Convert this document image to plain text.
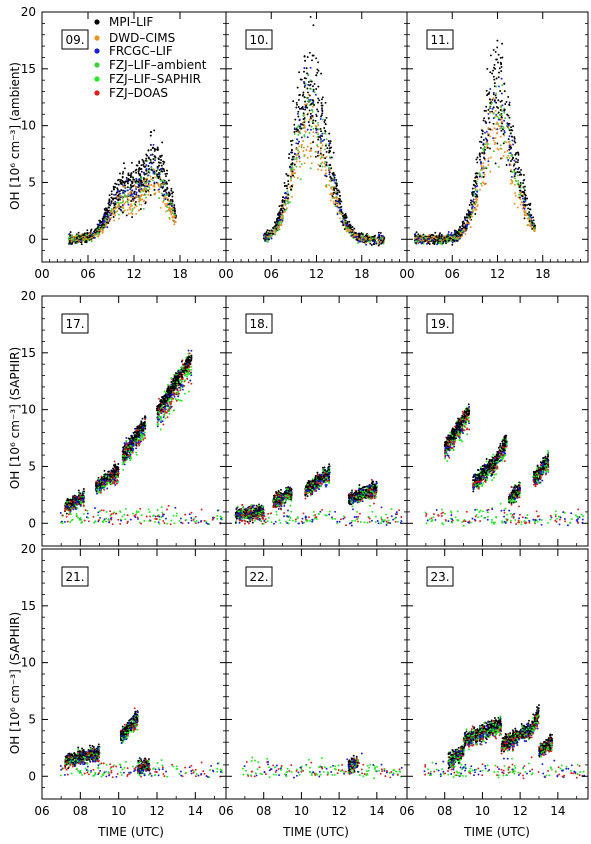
09.
0
5
10
15
20
00	06	12	18
10.
00 06 12 18
11.
00 06 12 18
17.
0
5
10
15
20
18.	19.
21.
0
5
10
15
20
06 08 10 12 14
22.
06 08 10 12 14
23.
06 08 10 12 14
MPI–LIF
DWD–CIMS
FRCGC–LIF
FZJ–LIF–ambient
FZJ–LIF–SAPHIR
FZJ–DOAS
OH [10⁶ cm⁻³] (ambient)
OH [10⁶ cm⁻³] (SAPHIR)
OH [10⁶ cm⁻³] (SAPHIR)
TIME (UTC)	TIME (UTC)	TIME (UTC)
